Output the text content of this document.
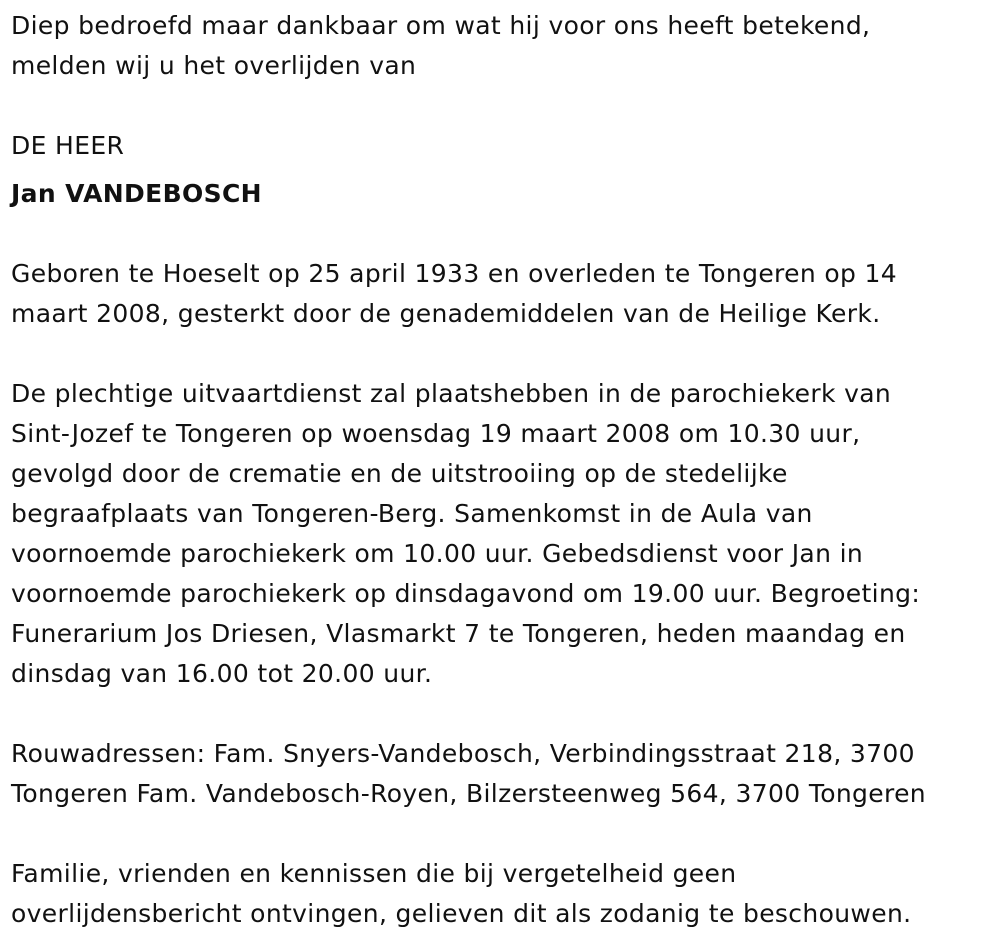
Diep bedroefd maar dankbaar om wat hij voor ons heeft betekend,
melden wij u het overlijden van
DE HEER
Jan VANDEBOSCH
Geboren te Hoeselt op 25 april 1933 en overleden te Tongeren op 14
maart 2008, gesterkt door de genademiddelen van de Heilige Kerk.
De plechtige uitvaartdienst zal plaatshebben in de parochiekerk van
Sint-Jozef te Tongeren op woensdag 19 maart 2008 om 10.30 uur,
gevolgd door de crematie en de uitstrooiing op de stedelijke
begraafplaats van Tongeren-Berg. Samenkomst in de Aula van
voornoemde parochiekerk om 10.00 uur. Gebedsdienst voor Jan in
voornoemde parochiekerk op dinsdagavond om 19.00 uur. Begroeting:
Funerarium Jos Driesen, Vlasmarkt 7 te Tongeren, heden maandag en
dinsdag van 16.00 tot 20.00 uur.
Rouwadressen: Fam. Snyers-Vandebosch, Verbindingsstraat 218, 3700
Tongeren Fam. Vandebosch-Royen, Bilzersteenweg 564, 3700 Tongeren
Familie, vrienden en kennissen die bij vergetelheid geen
overlijdensbericht ontvingen, gelieven dit als zodanig te beschouwen.
